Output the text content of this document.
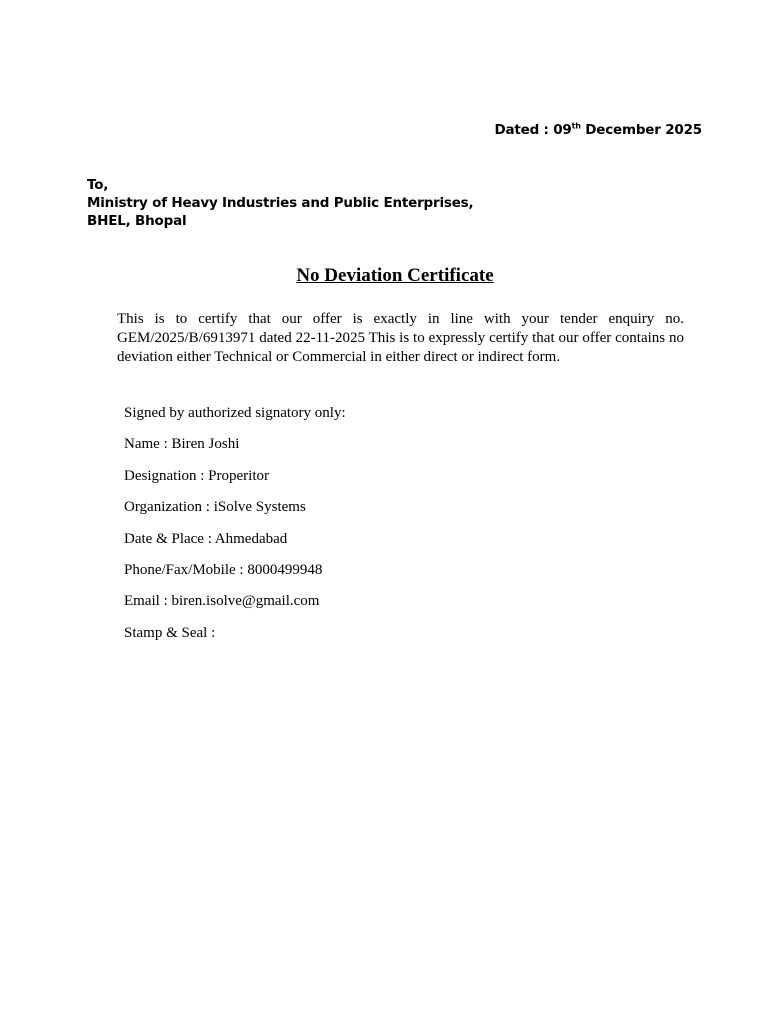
Dated : 09th December 2025
To,
Ministry of Heavy Industries and Public Enterprises,
BHEL, Bhopal
No Deviation Certificate
This is to certify that our offer is exactly in line with your tender enquiry no. GEM/2025/B/6913971 dated 22-11-2025 This is to expressly certify that our offer contains no deviation either Technical or Commercial in either direct or indirect form.
Signed by authorized signatory only:
Name : Biren Joshi
Designation : Properitor
Organization : iSolve Systems
Date & Place : Ahmedabad
Phone/Fax/Mobile : 8000499948
Email : biren.isolve@gmail.com
Stamp & Seal :
